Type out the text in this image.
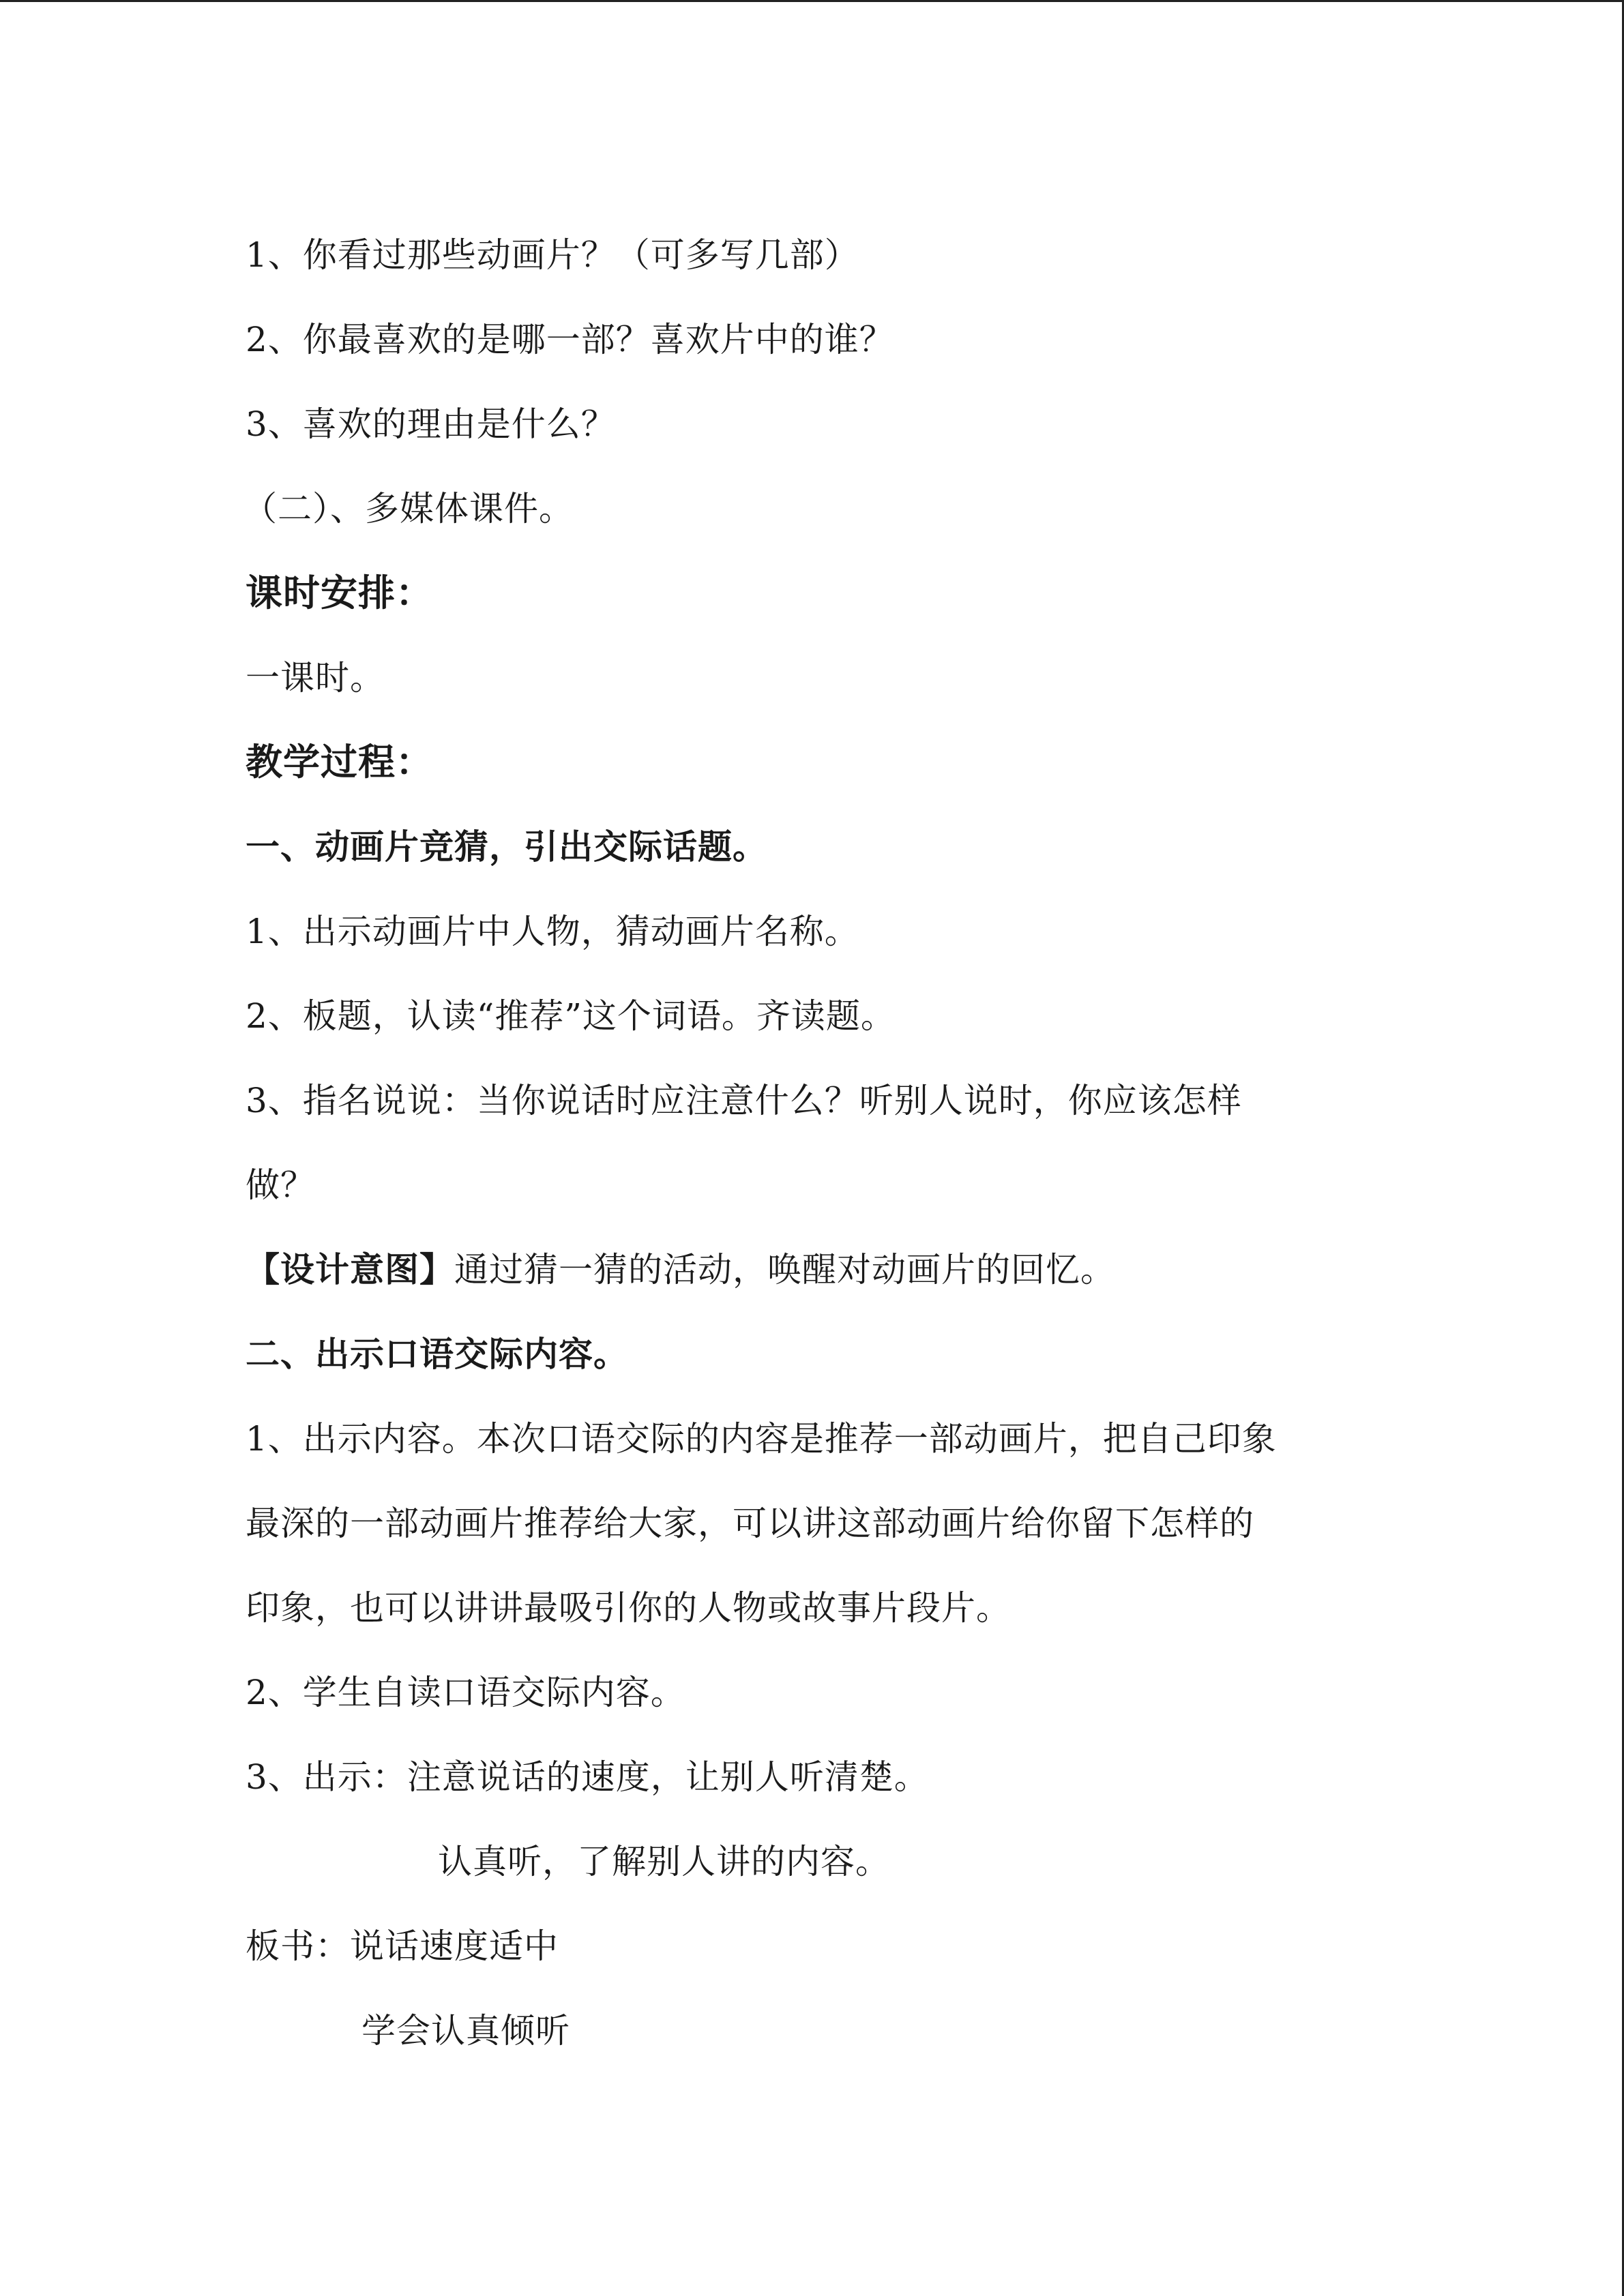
1、你看过那些动画片？（可多写几部）
2、你最喜欢的是哪一部？喜欢片中的谁？
3、喜欢的理由是什么？
（二）、多媒体课件。
课时安排：
一课时。
教学过程：
一、动画片竞猜，引出交际话题。
1、出示动画片中人物，猜动画片名称。
2、板题，认读“推荐”这个词语。齐读题。
3、指名说说：当你说话时应注意什么？听别人说时，你应该怎样
做？
【设计意图】通过猜一猜的活动，唤醒对动画片的回忆。
二、出示口语交际内容。
1、出示内容。本次口语交际的内容是推荐一部动画片，把自己印象
最深的一部动画片推荐给大家，可以讲这部动画片给你留下怎样的
印象，也可以讲讲最吸引你的人物或故事片段片。
2、学生自读口语交际内容。
3、出示：注意说话的速度，让别人听清楚。
认真听，了解别人讲的内容。
板书：说话速度适中
学会认真倾听
